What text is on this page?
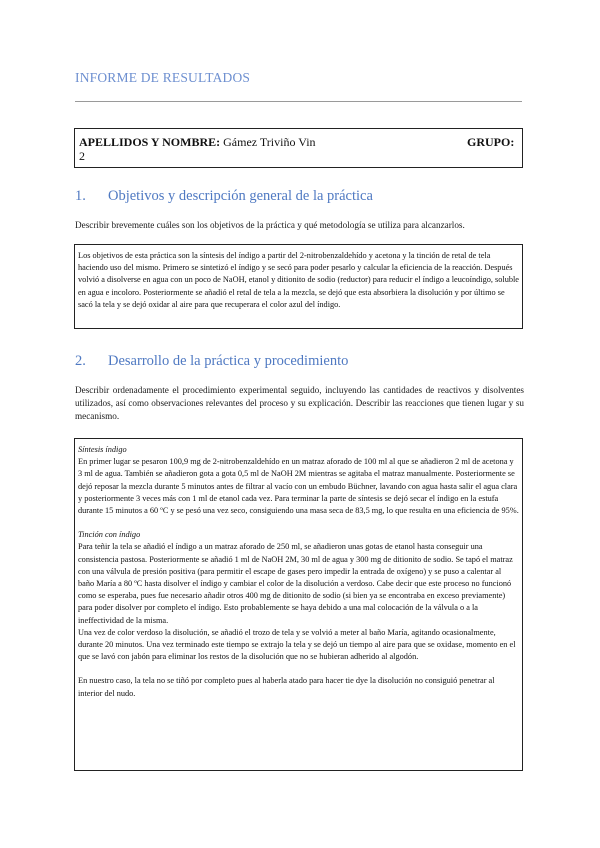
INFORME DE RESULTADOS
APELLIDOS Y NOMBRE: Gámez Triviño Vin	GRUPO:
2
1. Objetivos y descripción general de la práctica
Describir brevemente cuáles son los objetivos de la práctica y qué metodología se utiliza para alcanzarlos.

Los objetivos de esta práctica son la síntesis del índigo a partir del 2-nitrobenzaldehído y acetona y la tinción de retal de tela haciendo uso del mismo. Primero se sintetizó el índigo y se secó para poder pesarlo y calcular la eficiencia de la reacción. Después volvió a disolverse en agua con un poco de NaOH, etanol y ditionito de sodio (reductor) para reducir el índigo a leucoíndigo, soluble en agua e incoloro. Posteriormente se añadió el retal de tela a la mezcla, se dejó que esta absorbiera la disolución y por último se sacó la tela y se dejó oxidar al aire para que recuperara el color azul del índigo.

2. Desarrollo de la práctica y procedimiento
Describir ordenadamente el procedimiento experimental seguido, incluyendo las cantidades de reactivos y disolventes utilizados, así como observaciones relevantes del proceso y su explicación. Describir las reacciones que tienen lugar y su mecanismo.

Síntesis índigo

En primer lugar se pesaron 100,9 mg de 2-nitrobenzaldehído en un matraz aforado de 100 ml al que se añadieron 2 ml de acetona y 3 ml de agua. También se añadieron gota a gota 0,5 ml de NaOH 2M mientras se agitaba el matraz manualmente. Posteriormente se dejó reposar la mezcla durante 5 minutos antes de filtrar al vacío con un embudo Büchner, lavando con agua hasta salir el agua clara y posteriormente 3 veces más con 1 ml de etanol cada vez. Para terminar la parte de síntesis se dejó secar el índigo en la estufa durante 15 minutos a 60 ºC y se pesó una vez seco, consiguiendo una masa seca de 83,5 mg, lo que resulta en una eficiencia de 95%.

Tinción con índigo

Para teñir la tela se añadió el índigo a un matraz aforado de 250 ml, se añadieron unas gotas de etanol hasta conseguir una consistencia pastosa. Posteriormente se añadió 1 ml de NaOH 2M, 30 ml de agua y 300 mg de ditionito de sodio. Se tapó el matraz con una válvula de presión positiva (para permitir el escape de gases pero impedir la entrada de oxígeno) y se puso a calentar al baño María a 80 ºC hasta disolver el índigo y cambiar el color de la disolución a verdoso. Cabe decir que este proceso no funcionó como se esperaba, pues fue necesario añadir otros 400 mg de ditionito de sodio (si bien ya se encontraba en exceso previamente) para poder disolver por completo el índigo. Esto probablemente se haya debido a una mal colocación de la válvula o a la ineffectividad de la misma.

Una vez de color verdoso la disolución, se añadió el trozo de tela y se volvió a meter al baño María, agitando ocasionalmente, durante 20 minutos. Una vez terminado este tiempo se extrajo la tela y se dejó un tiempo al aire para que se oxidase, momento en el que se lavó con jabón para eliminar los restos de la disolución que no se hubieran adherido al algodón.

En nuestro caso, la tela no se tiñó por completo pues al haberla atado para hacer tie dye la disolución no consiguió penetrar al interior del nudo.
